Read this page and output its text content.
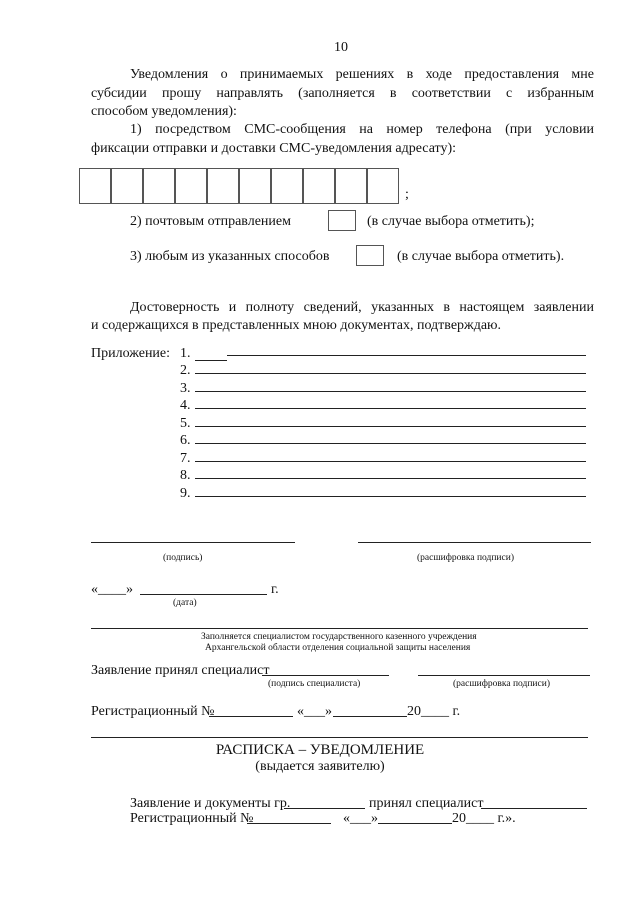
10
Уведомления о принимаемых решениях в ходе предоставления мне
субсидии прошу направлять (заполняется в соответствии с избранным
способом уведомления):
1) посредством СМС-сообщения на номер телефона (при условии
фиксации отправки и доставки СМС-уведомления адресату):
;
2) почтовым отправлением	(в случае выбора отметить);
3) любым из указанных способов	(в случае выбора отметить).
Достоверность и полноту сведений, указанных в настоящем заявлении
и содержащихся в представленных мною документах, подтверждаю.
Приложение: 1.
2.
3.
4.
5.
6.
7.
8.
9.
(подпись)	(расшифровка подписи)
«____»	г.
(дата)
Заполняется специалистом государственного казенного учреждения
Архангельской области отделения социальной защиты населения
Заявление принял специалист
(подпись специалиста)	(расшифровка подписи)
Регистрационный №	«___»	20____ г.
РАСПИСКА – УВЕДОМЛЕНИЕ
(выдается заявителю)
Заявление и документы гр.	принял специалист
Регистрационный №	«___»	20____ г.».
